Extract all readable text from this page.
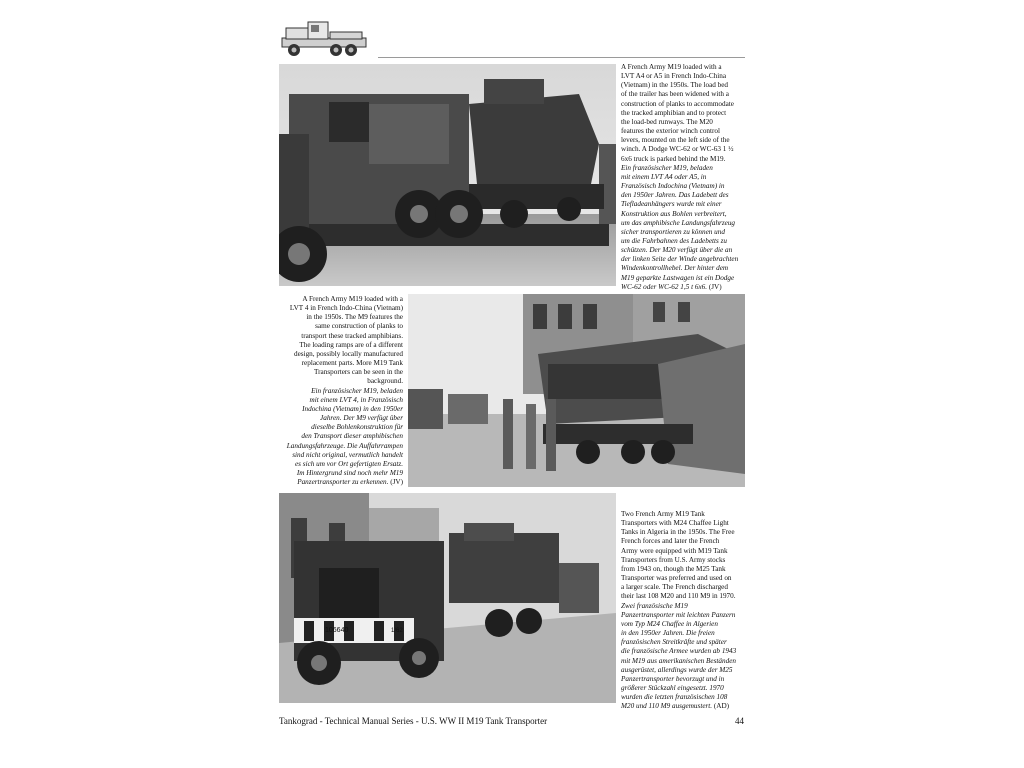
A French Army M19 loaded with a
LVT A4 or A5 in French Indo-China
(Vietnam) in the 1950s. The load bed
of the trailer has been widened with a
construction of planks to accommodate
the tracked amphibian and to protect
the load-bed runways. The M20
features the exterior winch control
levers, mounted on the left side of the
winch. A Dodge WC-62 or WC-63 1 ½
6x6 truck is parked behind the M19.

Ein französischer M19, beladen
mit einem LVT A4 oder A5, in
Französisch Indochina (Vietnam) in
den 1950er Jahren. Das Ladebett des
Tiefladeanhängers wurde mit einer
Konstruktion aus Bohlen verbreitert,
um das amphibische Landungsfahrzeug
sicher transportieren zu können und
um die Fahrbahnen des Ladebetts zu
schützen. Der M20 verfügt über die an
der linken Seite der Winde angebrachten
Windenkontrollhebel. Der hinter dem
M19 geparkte Lastwagen ist ein Dodge
WC-62 oder WC-62 1,5 t 6x6. (JV)
A French Army M19 loaded with a
LVT 4 in French Indo-China (Vietnam)
in the 1950s. The M9 features the
same construction of planks to
transport these tracked amphibians.
The loading ramps are of a different
design, possibly locally manufactured
replacement parts. More M19 Tank
Transporters can be seen in the
background.

Ein französischer M19, beladen
mit einem LVT 4, in Französisch
Indochina (Vietnam) in den 1950er
Jahren. Der M9 verfügt über
dieselbe Bohlenkonstruktion für
den Transport dieser amphibischen
Landungsfahrzeuge. Die Auffahrrampen
sind nicht original, vermutlich handelt
es sich um vor Ort gefertigten Ersatz.
Im Hintergrund sind noch mehr M19
Panzertransporter zu erkennen. (JV)
106640	1/62
Two French Army M19 Tank
Transporters with M24 Chaffee Light
Tanks in Algeria in the 1950s. The Free
French forces and later the French
Army were equipped with M19 Tank
Transporters from U.S. Army stocks
from 1943 on, though the M25 Tank
Transporter was preferred and used on
a larger scale. The French discharged
their last 108 M20 and 110 M9 in 1970.

Zwei französische M19
Panzertransporter mit leichten Panzern
vom Typ M24 Chaffee in Algerien
in den 1950er Jahren. Die freien
französischen Streitkräfte und später
die französische Armee wurden ab 1943
mit M19 aus amerikanischen Beständen
ausgerüstet, allerdings wurde der M25
Panzertransporter bevorzugt und in
größerer Stückzahl eingesetzt. 1970
wurden die letzten französischen 108
M20 und 110 M9 ausgemustert. (AD)
Tankograd - Technical Manual Series - U.S. WW II M19 Tank Transporter	44
